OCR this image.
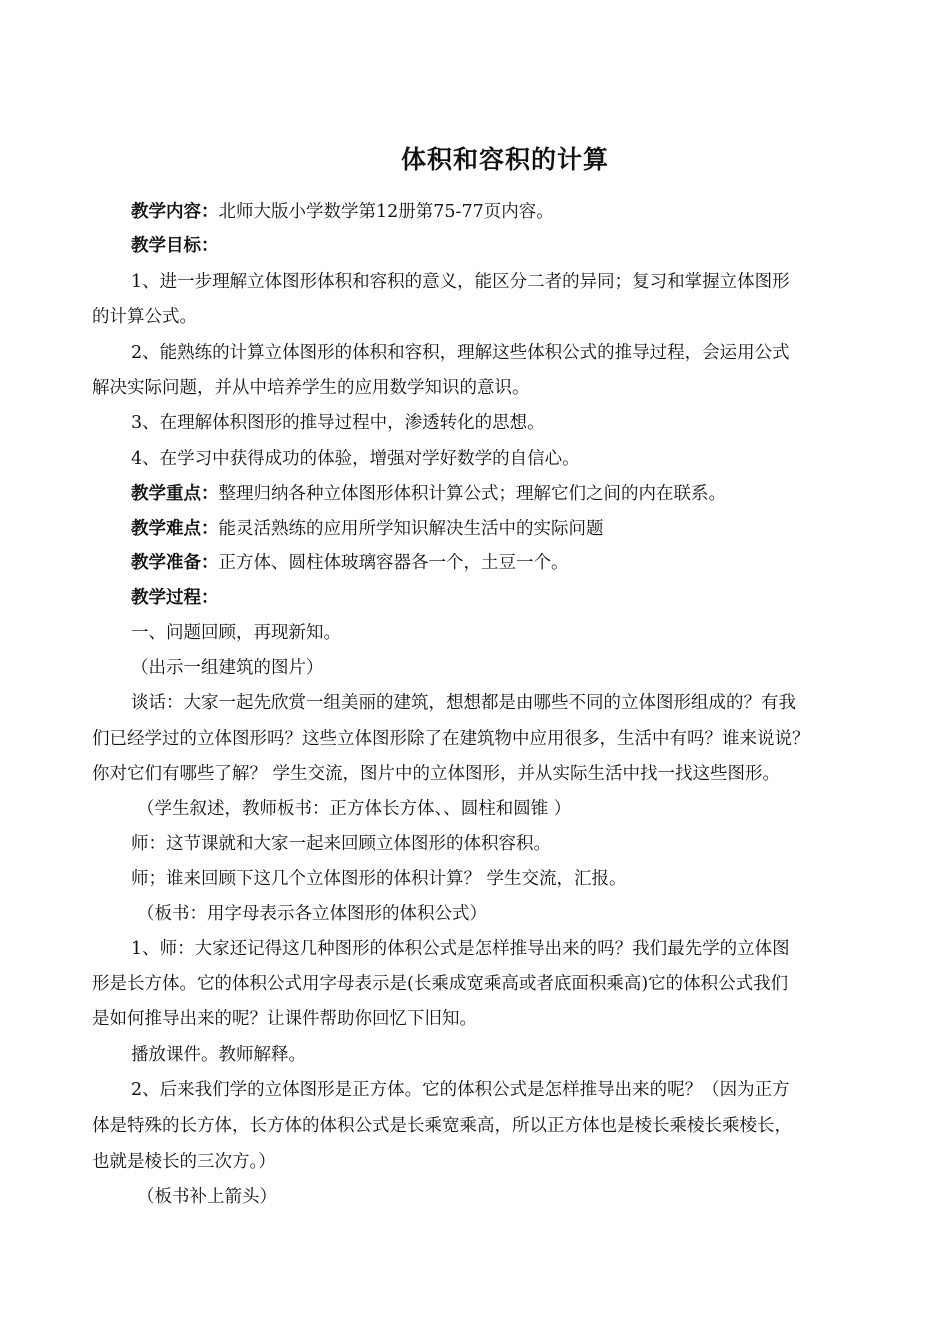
体积和容积的计算
教学内容：北师大版小学数学第12册第75-77页内容。
教学目标：
1、进一步理解立体图形体积和容积的意义，能区分二者的异同；复习和掌握立体图形
的计算公式。
2、能熟练的计算立体图形的体积和容积，理解这些体积公式的推导过程，会运用公式
解决实际问题，并从中培养学生的应用数学知识的意识。
3、在理解体积图形的推导过程中，渗透转化的思想。
4、在学习中获得成功的体验，增强对学好数学的自信心。
教学重点：整理归纳各种立体图形体积计算公式；理解它们之间的内在联系。
教学难点：能灵活熟练的应用所学知识解决生活中的实际问题
教学准备：正方体、圆柱体玻璃容器各一个，土豆一个。
教学过程：
一、问题回顾，再现新知。
（出示一组建筑的图片）
谈话：大家一起先欣赏一组美丽的建筑，想想都是由哪些不同的立体图形组成的？有我
们已经学过的立体图形吗？这些立体图形除了在建筑物中应用很多，生活中有吗？谁来说说？
你对它们有哪些了解？ 学生交流，图片中的立体图形，并从实际生活中找一找这些图形。
（学生叙述，教师板书：正方体长方体、、圆柱和圆锥 ）
师：这节课就和大家一起来回顾立体图形的体积容积。
师；谁来回顾下这几个立体图形的体积计算？ 学生交流，汇报。
（板书：用字母表示各立体图形的体积公式）
1、师：大家还记得这几种图形的体积公式是怎样推导出来的吗？我们最先学的立体图
形是长方体。它的体积公式用字母表示是(长乘成宽乘高或者底面积乘高)它的体积公式我们
是如何推导出来的呢？让课件帮助你回忆下旧知。
播放课件。教师解释。
2、后来我们学的立体图形是正方体。它的体积公式是怎样推导出来的呢？（因为正方
体是特殊的长方体，长方体的体积公式是长乘宽乘高，所以正方体也是棱长乘棱长乘棱长，
也就是棱长的三次方。）
（板书补上箭头）
